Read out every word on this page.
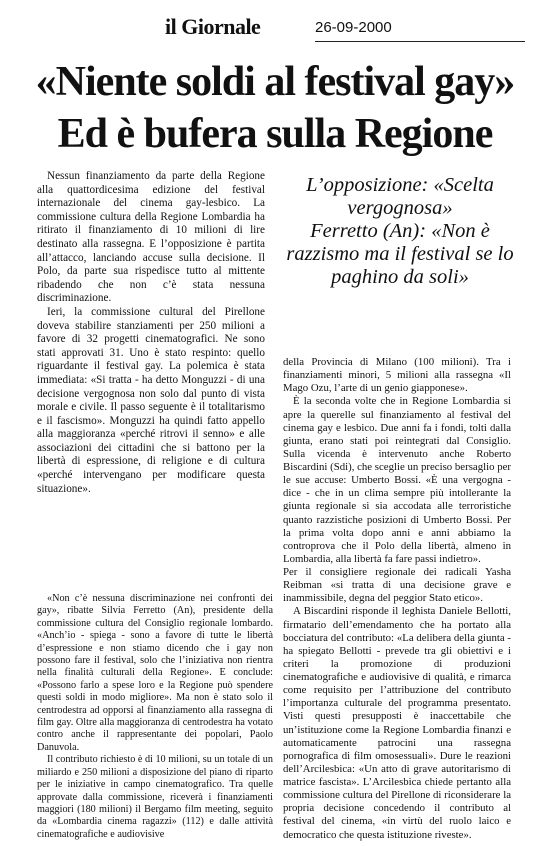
il Giornale	26-09-2000
«Niente soldi al festival gay»
Ed è bufera sulla Regione

Nessun finanziamento da parte della Regione alla quattordicesima edizione del festival internazionale del cinema gay-lesbico. La commissione cultura della Regione Lombardia ha ritirato il finanziamento di 10 milioni di lire destinato alla rassegna. E l’opposizione è partita all’attacco, lanciando accuse sulla decisione. Il Polo, da parte sua rispedisce tutto al mittente ribadendo che non c’è stata nessuna discriminazione.

Ieri, la commissione cultural del Pirellone doveva stabilire stanziamenti per 250 milioni a favore di 32 progetti cinematografici. Ne sono stati approvati 31. Uno è stato respinto: quello riguardante il festival gay. La polemica è stata immediata: «Si tratta - ha detto Monguzzi - di una decisione vergognosa non solo dal punto di vista morale e civile. Il passo seguente è il totalitarismo e il fascismo». Monguzzi ha quindi fatto appello alla maggioranza «perché ritrovi il senno» e alle associazioni dei cittadini che si battono per la libertà di espressione, di religione e di cultura «perché intervengano per modificare questa situazione».

L’opposizione: «Scelta vergognosa»
Ferretto (An): «Non è razzismo ma il festival se lo paghino da soli»

«Non c’è nessuna discriminazione nei confronti dei gay», ribatte Silvia Ferretto (An), presidente della commissione cultura del Consiglio regionale lombardo. «Anch’io - spiega - sono a favore di tutte le libertà d’espressione e non stiamo dicendo che i gay non possono fare il festival, solo che l’iniziativa non rientra nella finalità culturali della Regione». E conclude: «Possono farlo a spese loro e la Regione può spendere questi soldi in modo migliore». Ma non è stato solo il centrodestra ad opporsi al finanziamento alla rassegna di film gay. Oltre alla maggioranza di centrodestra ha votato contro anche il rappresentante dei popolari, Paolo Danuvola.

Il contributo richiesto è di 10 milioni, su un totale di un miliardo e 250 milioni a disposizione del piano di riparto per le iniziative in campo cinematografico. Tra quelle approvate dalla commissione, riceverà i finanziamenti maggiori (180 milioni) il Bergamo film meeting, seguito da «Lombardia cinema ragazzi» (112) e dalle attività cinematografiche e audiovisive

della Provincia di Milano (100 milioni). Tra i finanziamenti minori, 5 milioni alla rassegna «Il Mago Ozu, l’arte di un genio giapponese».

È la seconda volte che in Regione Lombardia si apre la querelle sul finanziamento al festival del cinema gay e lesbico. Due anni fa i fondi, tolti dalla giunta, erano stati poi reintegrati dal Consiglio. Sulla vicenda è intervenuto anche Roberto Biscardini (Sdi), che sceglie un preciso bersaglio per le sue accuse: Umberto Bossi. «È una vergogna - dice - che in un clima sempre più intollerante la giunta regionale si sia accodata alle terroristiche quanto razzistiche posizioni di Umberto Bossi. Per la prima volta dopo anni e anni abbiamo la controprova che il Polo della libertà, almeno in Lombardia, alla libertà fa fare passi indietro».

Per il consigliere regionale dei radicali Yasha Reibman «si tratta di una decisione grave e inammissibile, degna del peggior Stato etico».

A Biscardini risponde il leghista Daniele Bellotti, firmatario dell’emendamento che ha portato alla bocciatura del contributo: «La delibera della giunta - ha spiegato Bellotti - prevede tra gli obiettivi e i criteri la promozione di produzioni cinematografiche e audiovisive di qualità, e rimarca come requisito per l’attribuzione del contributo l’importanza culturale del programma presentato. Visti questi presupposti è inaccettabile che un’istituzione come la Regione Lombardia finanzi e automaticamente patrocini una rassegna pornografica di film omosessuali». Dure le reazioni dell’Arcilesbica: «Un atto di grave autoritarismo di matrice fascista». L’Arcilesbica chiede pertanto alla commissione cultura del Pirellone di riconsiderare la propria decisione concedendo il contributo al festival del cinema, «in virtù del ruolo laico e democratico che questa istituzione riveste».
